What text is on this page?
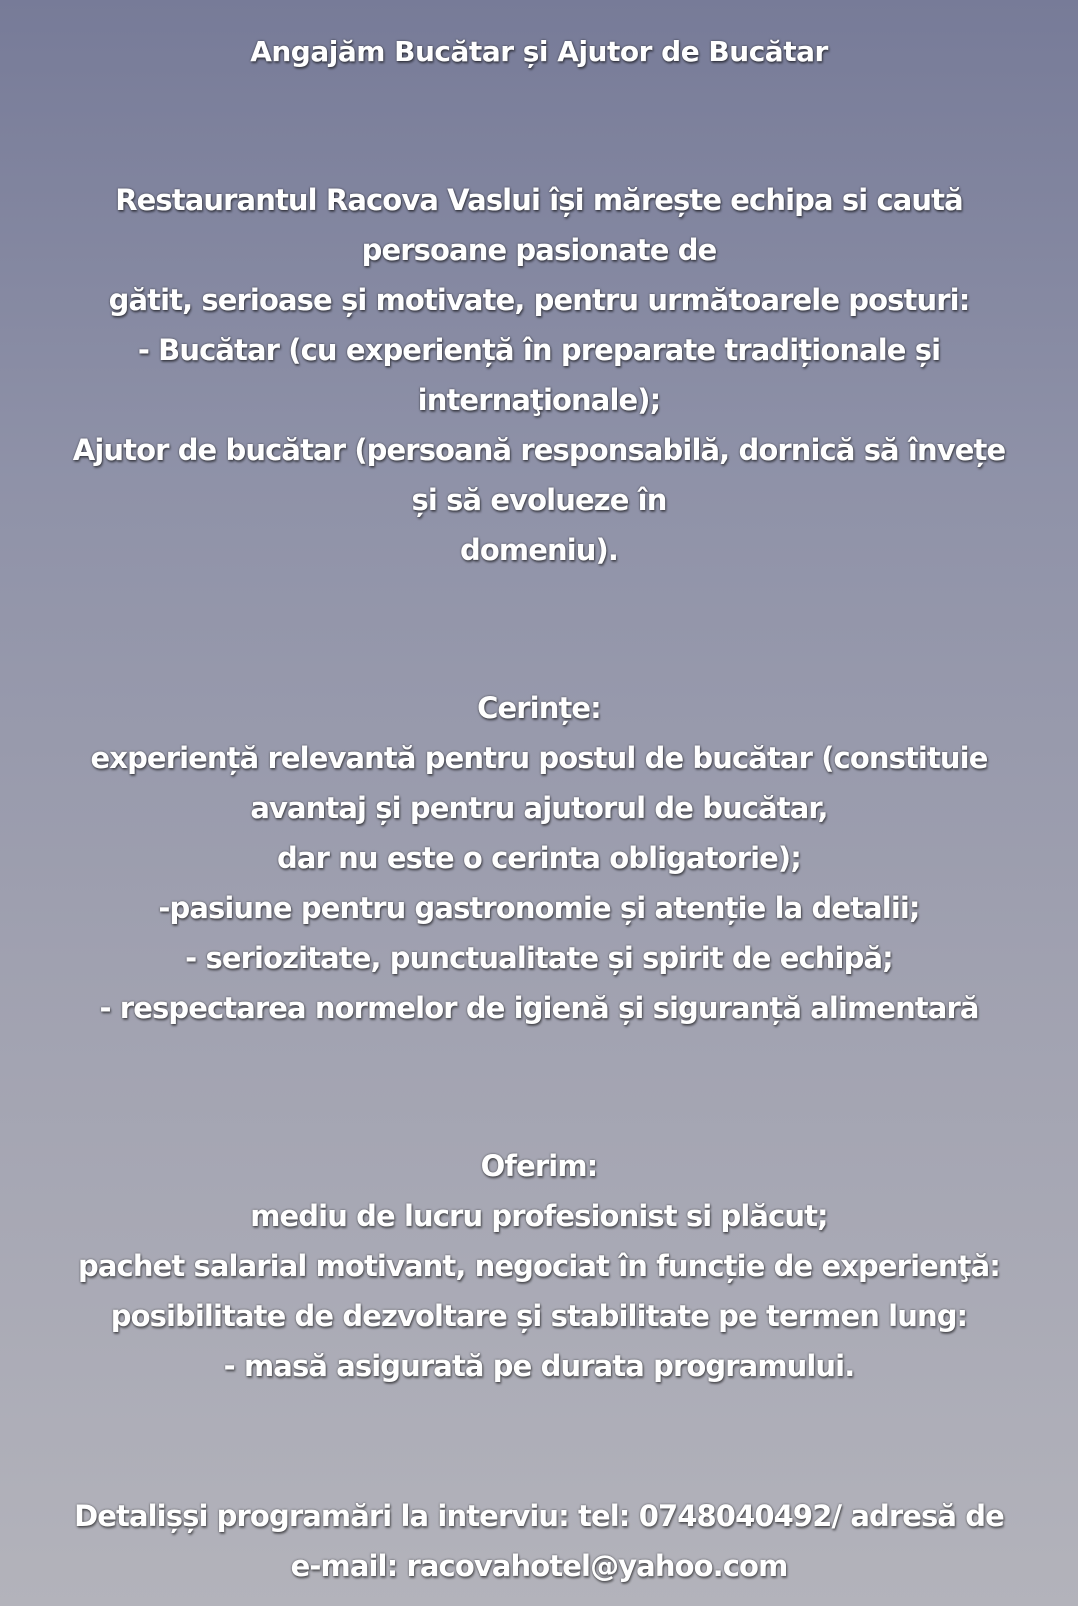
Angajăm Bucătar și Ajutor de Bucătar
Restaurantul Racova Vaslui își mărește echipa si caută
persoane pasionate de
gătit, serioase și motivate, pentru următoarele posturi:
- Bucătar (cu experiență în preparate tradiționale și
internaţionale);
Ajutor de bucătar (persoană responsabilă, dornică să învețe
și să evolueze în
domeniu).
Cerințe:
experiență relevantă pentru postul de bucătar (constituie
avantaj și pentru ajutorul de bucătar,
dar nu este o cerinta obligatorie);
-pasiune pentru gastronomie și atenție la detalii;
- seriozitate, punctualitate și spirit de echipă;
- respectarea normelor de igienă și siguranță alimentară
Oferim:
mediu de lucru profesionist si plăcut;
pachet salarial motivant, negociat în funcție de experienţă:
posibilitate de dezvoltare și stabilitate pe termen lung:
- masă asigurată pe durata programului.
Detalișși programări la interviu: tel: 0748040492/ adresă de
e-mail: racovahotel@yahoo.com
